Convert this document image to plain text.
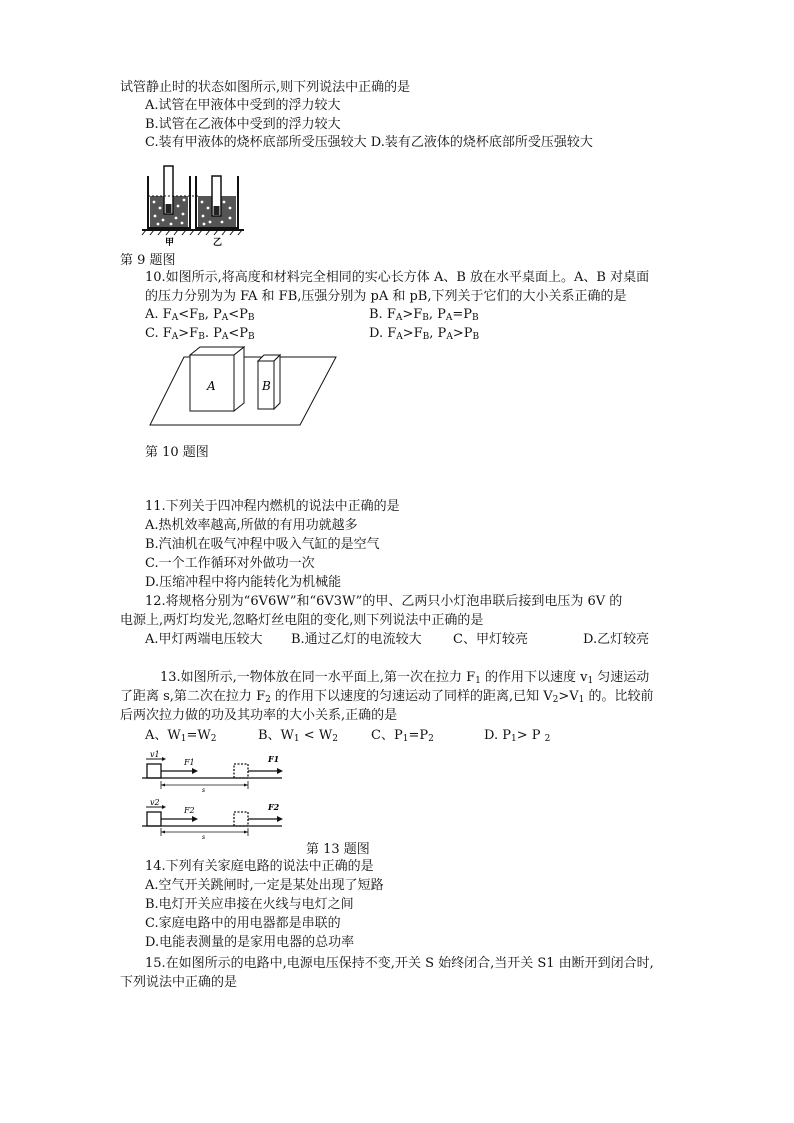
试管静止时的状态如图所示,则下列说法中正确的是
A.试管在甲液体中受到的浮力较大
B.试管在乙液体中受到的浮力较大
C.装有甲液体的烧杯底部所受压强较大 D.装有乙液体的烧杯底部所受压强较大
甲	乙
第 9 题图
10.如图所示,将高度和材料完全相同的实心长方体 A、B 放在水平桌面上。A、B 对桌面
的压力分别为为 FA 和 FB,压强分别为 pA 和 pB,下列关于它们的大小关系正确的是
A. $F_A<F_B$, $P_A<P_B$	B. $F_A>F_B$, $P_A=P_B$
C. $F_A>F_B$. $P_A<P_B$	D. $F_A>F_B$, $P_A>P_B$
A	B
第 10 题图
11.下列关于四冲程内燃机的说法中正确的是
A.热机效率越高,所做的有用功就越多
B.汽油机在吸气冲程中吸入气缸的是空气
C.一个工作循环对外做功一次
D.压缩冲程中将内能转化为机械能
12.将规格分别为“6V6W”和“6V3W”的甲、乙两只小灯泡串联后接到电压为 6V 的
电源上,两灯均发光,忽略灯丝电阻的变化,则下列说法中正确的是
A.甲灯两端电压较大 B.通过乙灯的电流较大 C、甲灯较亮	D.乙灯较亮
13.如图所示,一物体放在同一水平面上,第一次在拉力 $F_1$ 的作用下以速度 $v_1$ 匀速运动
了距离 s,第二次在拉力 $F_2$ 的作用下以速度的匀速运动了同样的距离,已知 $V_2>V_1$ 的。比较前
后两次拉力做的功及其功率的大小关系,正确的是
A、$W_1=W_2$	B、$W_1 < W_2$	C、$P_1=P_2$	D. $P_1> P$ $_2$
v1
F1	F1
s
v2
F2	F2
s
第 13 题图
14.下列有关家庭电路的说法中正确的是
A.空气开关跳闸时,一定是某处出现了短路
B.电灯开关应串接在火线与电灯之间
C.家庭电路中的用电器都是串联的
D.电能表测量的是家用电器的总功率
15.在如图所示的电路中,电源电压保持不变,开关 S 始终闭合,当开关 S1 由断开到闭合时,
下列说法中正确的是
